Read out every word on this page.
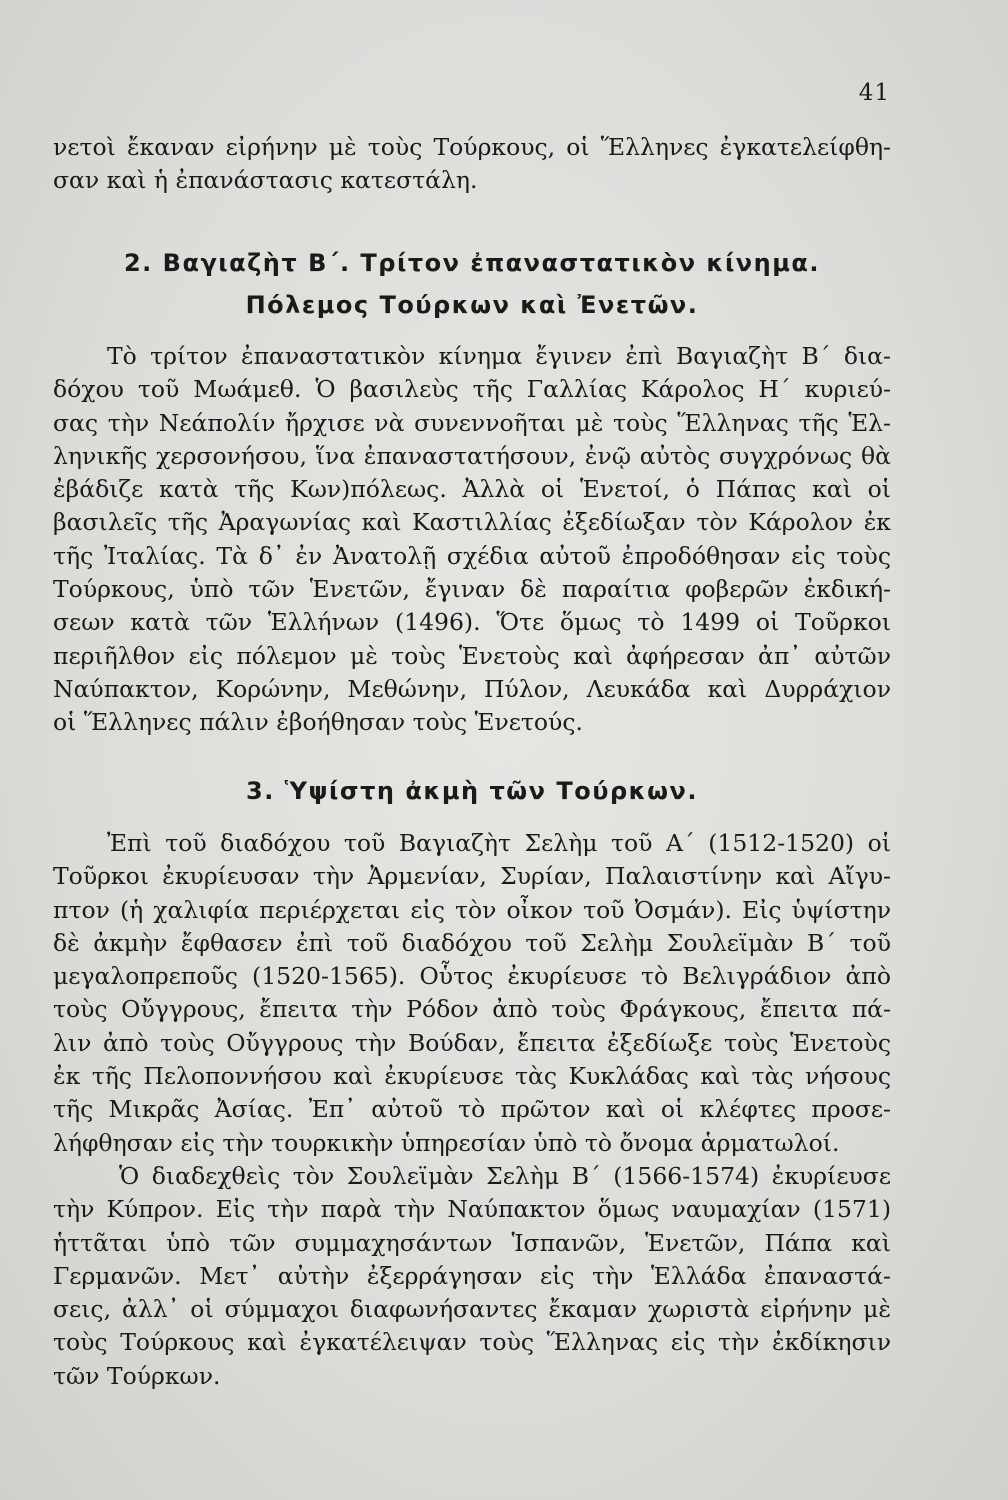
41
νετοὶ ἔκαναν εἰρήνην μὲ τοὺς Τούρκους, οἱ Ἕλληνες ἐγκατελείφθη-
σαν καὶ ἡ ἐπανάστασις κατεστάλη.
2. Βαγιαζὴτ Β΄. Τρίτον ἐπαναστατικὸν κίνημα.
Πόλεμος Τούρκων καὶ Ἐνετῶν.
Τὸ τρίτον ἐπαναστατικὸν κίνημα ἔγινεν ἐπὶ Βαγιαζὴτ Β΄ δια-
δόχου τοῦ Μωάμεθ. Ὁ βασιλεὺς τῆς Γαλλίας Κάρολος Η΄ κυριεύ-
σας τὴν Νεάπολίν ἤρχισε νὰ συνεννοῆται μὲ τοὺς Ἕλληνας τῆς Ἑλ-
ληνικῆς χερσονήσου, ἵνα ἐπαναστατήσουν, ἐνῷ αὐτὸς συγχρόνως θὰ
ἐβάδιζε κατὰ τῆς Κων)πόλεως. Ἀλλὰ οἱ Ἑνετοί, ὁ Πάπας καὶ οἱ
βασιλεῖς τῆς Ἀραγωνίας καὶ Καστιλλίας ἐξεδίωξαν τὸν Κάρολον ἐκ
τῆς Ἰταλίας. Τὰ δ᾽ ἐν Ἀνατολῇ σχέδια αὐτοῦ ἐπροδόθησαν εἰς τοὺς
Τούρκους, ὑπὸ τῶν Ἑνετῶν, ἔγιναν δὲ παραίτια φοβερῶν ἐκδική-
σεων κατὰ τῶν Ἑλλήνων (1496). Ὅτε ὅμως τὸ 1499 οἱ Τοῦρκοι
περιῆλθον εἰς πόλεμον μὲ τοὺς Ἑνετοὺς καὶ ἀφήρεσαν ἀπ᾽ αὐτῶν
Ναύπακτον, Κορώνην, Μεθώνην, Πύλον, Λευκάδα καὶ Δυρράχιον
οἱ Ἕλληνες πάλιν ἐβοήθησαν τοὺς Ἑνετούς.
3. Ὑψίστη ἀκμὴ τῶν Τούρκων.
Ἐπὶ τοῦ διαδόχου τοῦ Βαγιαζὴτ Σελὴμ τοῦ Α΄ (1512-1520) οἱ
Τοῦρκοι ἐκυρίευσαν τὴν Ἀρμενίαν, Συρίαν, Παλαιστίνην καὶ Αἴγυ-
πτον (ἡ χαλιφία περιέρχεται εἰς τὸν οἶκον τοῦ Ὀσμάν). Εἰς ὑψίστην
δὲ ἀκμὴν ἔφθασεν ἐπὶ τοῦ διαδόχου τοῦ Σελὴμ Σουλεϊμὰν Β΄ τοῦ
μεγαλοπρεποῦς (1520-1565). Οὗτος ἐκυρίευσε τὸ Βελιγράδιον ἀπὸ
τοὺς Οὔγγρους, ἔπειτα τὴν Ρόδον ἀπὸ τοὺς Φράγκους, ἔπειτα πά-
λιν ἀπὸ τοὺς Οὔγγρους τὴν Βούδαν, ἔπειτα ἐξεδίωξε τοὺς Ἑνετοὺς
ἐκ τῆς Πελοποννήσου καὶ ἐκυρίευσε τὰς Κυκλάδας καὶ τὰς νήσους
τῆς Μικρᾶς Ἀσίας. Ἐπ᾽ αὐτοῦ τὸ πρῶτον καὶ οἱ κλέφτες προσε-
λήφθησαν εἰς τὴν τουρκικὴν ὑπηρεσίαν ὑπὸ τὸ ὄνομα ἁρματωλοί.
Ὁ διαδεχθεὶς τὸν Σουλεϊμὰν Σελὴμ Β΄ (1566-1574) ἐκυρίευσε
τὴν Κύπρον. Εἰς τὴν παρὰ τὴν Ναύπακτον ὅμως ναυμαχίαν (1571)
ἡττᾶται ὑπὸ τῶν συμμαχησάντων Ἱσπανῶν, Ἑνετῶν, Πάπα καὶ
Γερμανῶν. Μετ᾽ αὐτὴν ἐξερράγησαν εἰς τὴν Ἑλλάδα ἐπαναστά-
σεις, ἀλλ᾽ οἱ σύμμαχοι διαφωνήσαντες ἔκαμαν χωριστὰ εἰρήνην μὲ
τοὺς Τούρκους καὶ ἐγκατέλειψαν τοὺς Ἕλληνας εἰς τὴν ἐκδίκησιν
τῶν Τούρκων.
